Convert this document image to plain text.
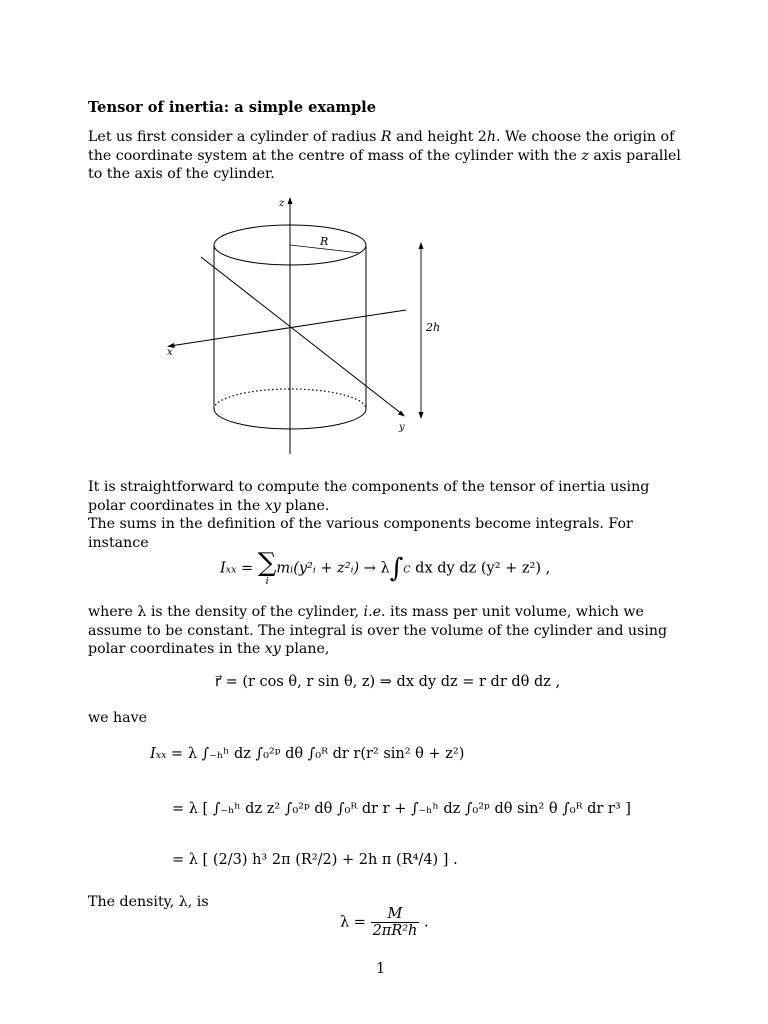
Tensor of inertia: a simple example
Let us first consider a cylinder of radius R and height 2h. We choose the origin of the coordinate system at the centre of mass of the cylinder with the z axis parallel to the axis of the cylinder.
z
R
x
y
2h
It is straightforward to compute the components of the tensor of inertia using polar coordinates in the xy plane.
The sums in the definition of the various components become integrals. For instance
Ixx = ∑
i
mi(y²ᵢ + z²ᵢ) → λ∫C dx dy dz (y² + z²) ,
where λ is the density of the cylinder, i.e. its mass per unit volume, which we assume to be constant. The integral is over the volume of the cylinder and using polar coordinates in the xy plane,
r⃗ = (r cos θ, r sin θ, z) ⇒ dx dy dz = r dr dθ dz ,
we have
Ixx = λ ∫₋ₕʰ dz ∫₀²ᵖ dθ ∫₀ᴿ dr r(r² sin² θ + z²)
= λ [ ∫₋ₕʰ dz z² ∫₀²ᵖ dθ ∫₀ᴿ dr r + ∫₋ₕʰ dz ∫₀²ᵖ dθ sin² θ ∫₀ᴿ dr r³ ]
= λ [ (2/3) h³ 2π (R²/2) + 2h π (R⁴/4) ] .
The density, λ, is
$\lambda = \frac{M}{\text{2πR²h}}$ .
1
